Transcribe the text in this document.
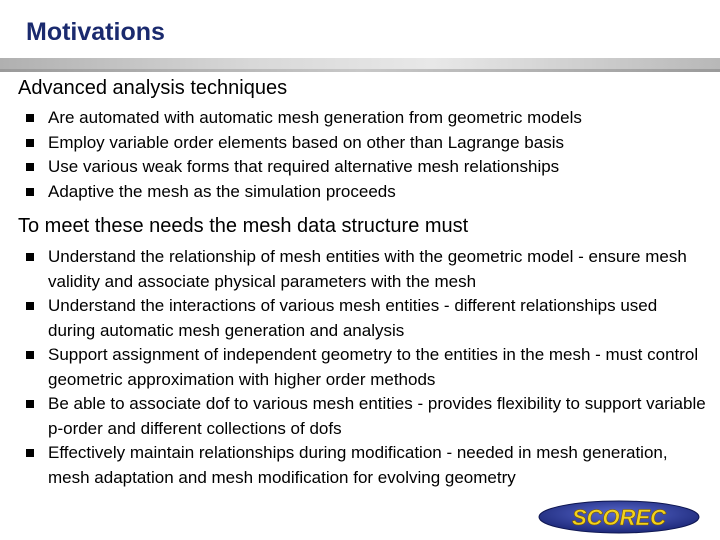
Motivations

Advanced analysis techniques

Are automated with automatic mesh generation from geometric models
Employ variable order elements based on other than Lagrange basis
Use various weak forms that required alternative mesh relationships
Adaptive the mesh as the simulation proceeds

To meet these needs the mesh data structure must

Understand the relationship of mesh entities with the geometric model - ensure mesh validity and associate physical parameters with the mesh
Understand the interactions of various mesh entities - different relationships used during automatic mesh generation and analysis
Support assignment of independent geometry to the entities in the mesh - must control geometric approximation with higher order methods
Be able to associate dof to various mesh entities - provides flexibility to support variable p-order and different collections of dofs
Effectively maintain relationships during modification - needed in mesh generation, mesh adaptation and mesh modification for evolving geometry
SCOREC
